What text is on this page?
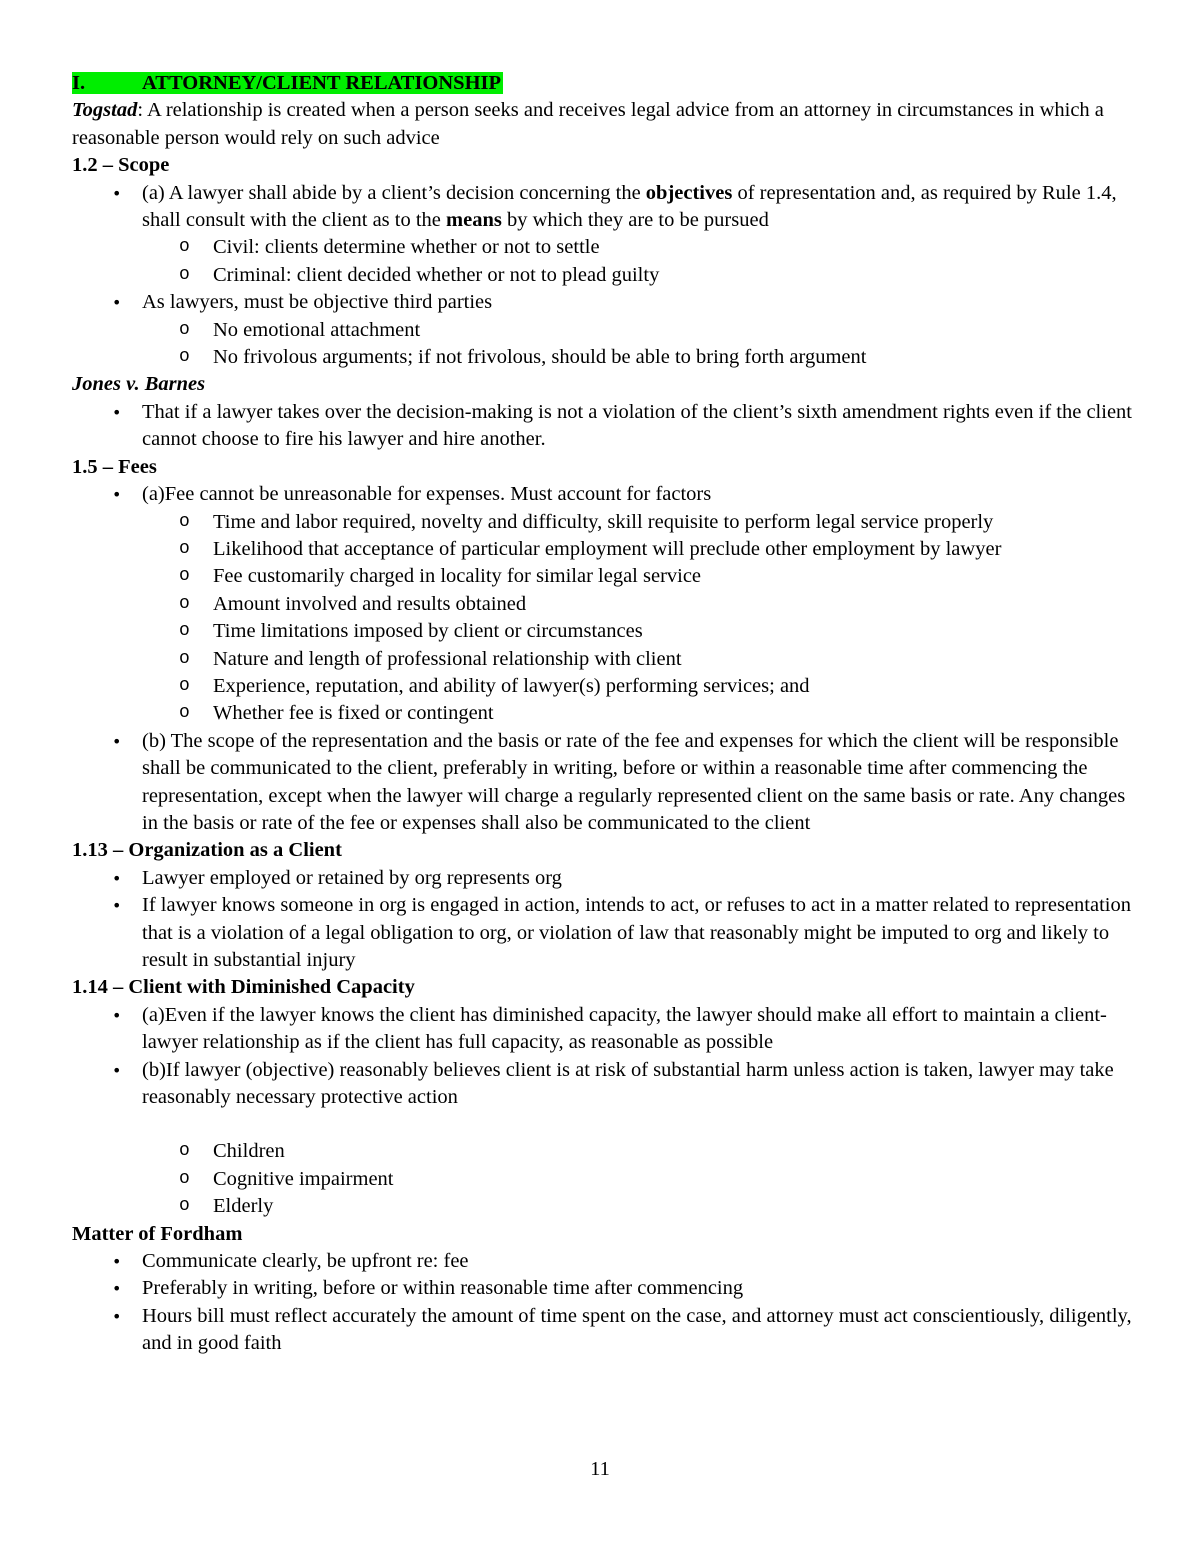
I.	ATTORNEY/CLIENT RELATIONSHIP
Togstad: A relationship is created when a person seeks and receives legal advice from an attorney in circumstances in which a reasonable person would rely on such advice
1.2 – Scope
• (a) A lawyer shall abide by a client’s decision concerning the objectives of representation and, as required by Rule 1.4, shall consult with the client as to the means by which they are to be pursued
o Civil: clients determine whether or not to settle
o Criminal: client decided whether or not to plead guilty
• As lawyers, must be objective third parties
o No emotional attachment
o No frivolous arguments; if not frivolous, should be able to bring forth argument
Jones v. Barnes
• That if a lawyer takes over the decision-making is not a violation of the client’s sixth amendment rights even if the client cannot choose to fire his lawyer and hire another.
1.5 – Fees
• (a)Fee cannot be unreasonable for expenses. Must account for factors
o Time and labor required, novelty and difficulty, skill requisite to perform legal service properly
o Likelihood that acceptance of particular employment will preclude other employment by lawyer
o Fee customarily charged in locality for similar legal service
o Amount involved and results obtained
o Time limitations imposed by client or circumstances
o Nature and length of professional relationship with client
o Experience, reputation, and ability of lawyer(s) performing services; and
o Whether fee is fixed or contingent
• (b) The scope of the representation and the basis or rate of the fee and expenses for which the client will be responsible shall be communicated to the client, preferably in writing, before or within a reasonable time after commencing the representation, except when the lawyer will charge a regularly represented client on the same basis or rate. Any changes in the basis or rate of the fee or expenses shall also be communicated to the client
1.13 – Organization as a Client
• Lawyer employed or retained by org represents org
• If lawyer knows someone in org is engaged in action, intends to act, or refuses to act in a matter related to representation that is a violation of a legal obligation to org, or violation of law that reasonably might be imputed to org and likely to result in substantial injury
1.14 – Client with Diminished Capacity
• (a)Even if the lawyer knows the client has diminished capacity, the lawyer should make all effort to maintain a client-lawyer relationship as if the client has full capacity, as reasonable as possible
• (b)If lawyer (objective) reasonably believes client is at risk of substantial harm unless action is taken, lawyer may take reasonably necessary protective action
o Children
o Cognitive impairment
o Elderly
Matter of Fordham
• Communicate clearly, be upfront re: fee
• Preferably in writing, before or within reasonable time after commencing
• Hours bill must reflect accurately the amount of time spent on the case, and attorney must act conscientiously, diligently, and in good faith
11
